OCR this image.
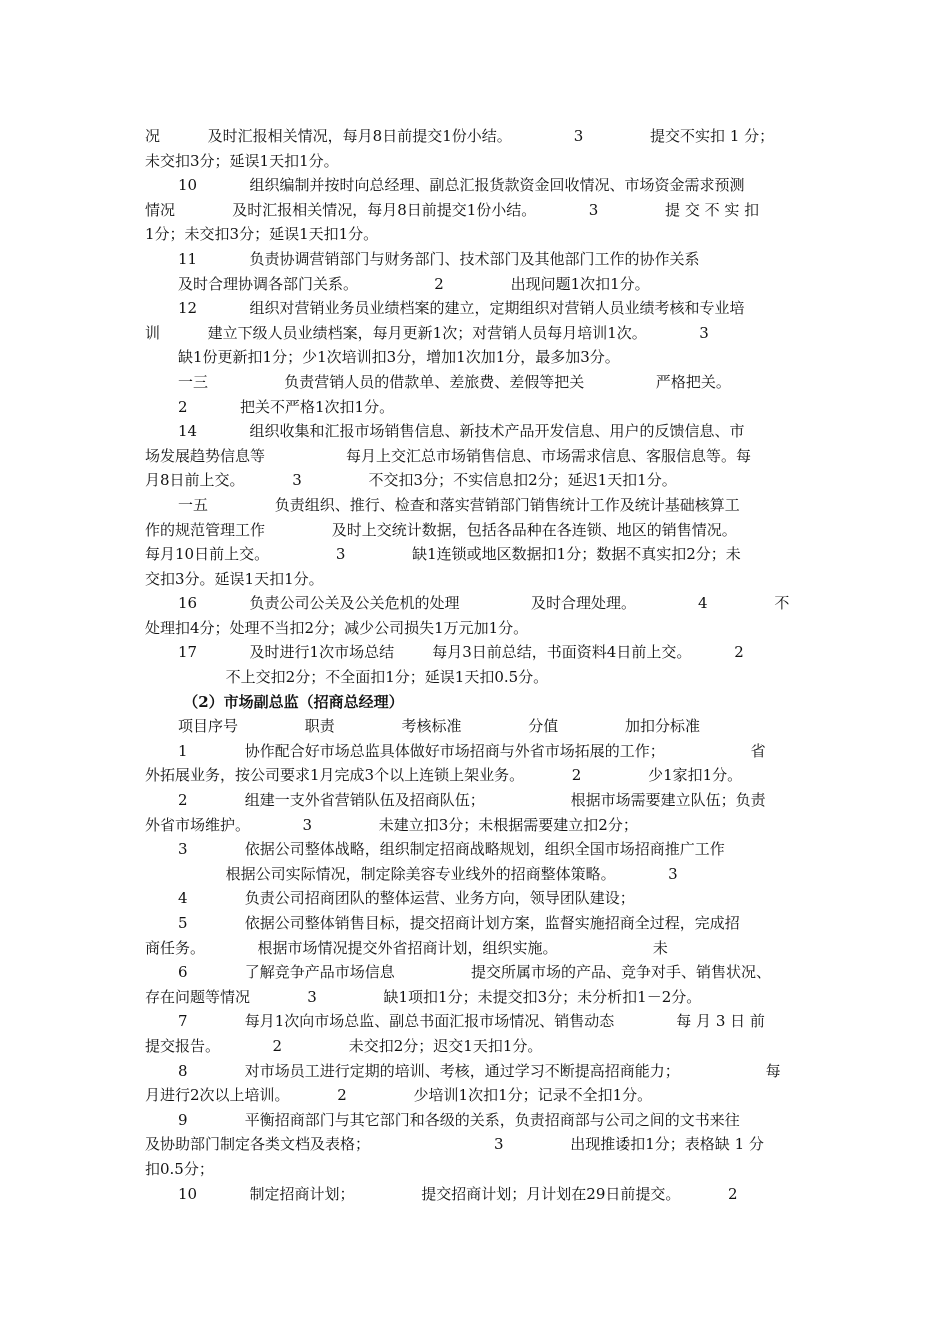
况          及时汇报相关情况，每月8日前提交1份小结。             3              提交不实扣 1 分；
未交扣3分；延误1天扣1分。
10           组织编制并按时向总经理、副总汇报货款资金回收情况、市场资金需求预测
情况            及时汇报相关情况，每月8日前提交1份小结。           3              提 交 不 实 扣
1分；未交扣3分；延误1天扣1分。
11           负责协调营销部门与财务部门、技术部门及其他部门工作的协作关系
及时合理协调各部门关系。                2              出现问题1次扣1分。
12           组织对营销业务员业绩档案的建立，定期组织对营销人员业绩考核和专业培
训          建立下级人员业绩档案，每月更新1次；对营销人员每月培训1次。           3
缺1份更新扣1分；少1次培训扣3分，增加1次加1分，最多加3分。
一三                负责营销人员的借款单、差旅费、差假等把关               严格把关。
2           把关不严格1次扣1分。
14           组织收集和汇报市场销售信息、新技术产品开发信息、用户的反馈信息、市
场发展趋势信息等                 每月上交汇总市场销售信息、市场需求信息、客服信息等。每
月8日前上交。          3              不交扣3分；不实信息扣2分；延迟1天扣1分。
一五              负责组织、推行、检查和落实营销部门销售统计工作及统计基础核算工
作的规范管理工作              及时上交统计数据，包括各品种在各连锁、地区的销售情况。
每月10日前上交。              3              缺1连锁或地区数据扣1分；数据不真实扣2分；未
交扣3分。延误1天扣1分。
16           负责公司公关及公关危机的处理               及时合理处理。             4              不
处理扣4分；处理不当扣2分；减少公司损失1万元加1分。
17           及时进行1次市场总结        每月3日前总结，书面资料4日前上交。         2
不上交扣2分；不全面扣1分；延误1天扣0.5分。
（2）市场副总监（招商总经理）
项目序号              职责              考核标准              分值              加扣分标准
1            协作配合好市场总监具体做好市场招商与外省市场拓展的工作；                  省
外拓展业务，按公司要求1月完成3个以上连锁上架业务。          2              少1家扣1分。
2            组建一支外省营销队伍及招商队伍；                  根据市场需要建立队伍；负责
外省市场维护。           3              未建立扣3分；未根据需要建立扣2分；
3            依据公司整体战略，组织制定招商战略规划，组织全国市场招商推广工作
根据公司实际情况，制定除美容专业线外的招商整体策略。           3
4            负责公司招商团队的整体运营、业务方向，领导团队建设；
5            依据公司整体销售目标，提交招商计划方案，监督实施招商全过程，完成招
商任务。           根据市场情况提交外省招商计划，组织实施。                    未
6            了解竞争产品市场信息                提交所属市场的产品、竞争对手、销售状况、
存在问题等情况            3              缺1项扣1分；未提交扣3分；未分析扣1－2分。
7            每月1次向市场总监、副总书面汇报市场情况、销售动态             每 月 3 日 前
提交报告。           2              未交扣2分；迟交1天扣1分。
8            对市场员工进行定期的培训、考核，通过学习不断提高招商能力；                  每
月进行2次以上培训。          2              少培训1次扣1分；记录不全扣1分。
9            平衡招商部门与其它部门和各级的关系，负责招商部与公司之间的文书来往
及协助部门制定各类文档及表格；                          3              出现推诿扣1分；表格缺 1 分
扣0.5分；
10           制定招商计划；              提交招商计划；月计划在29日前提交。          2
